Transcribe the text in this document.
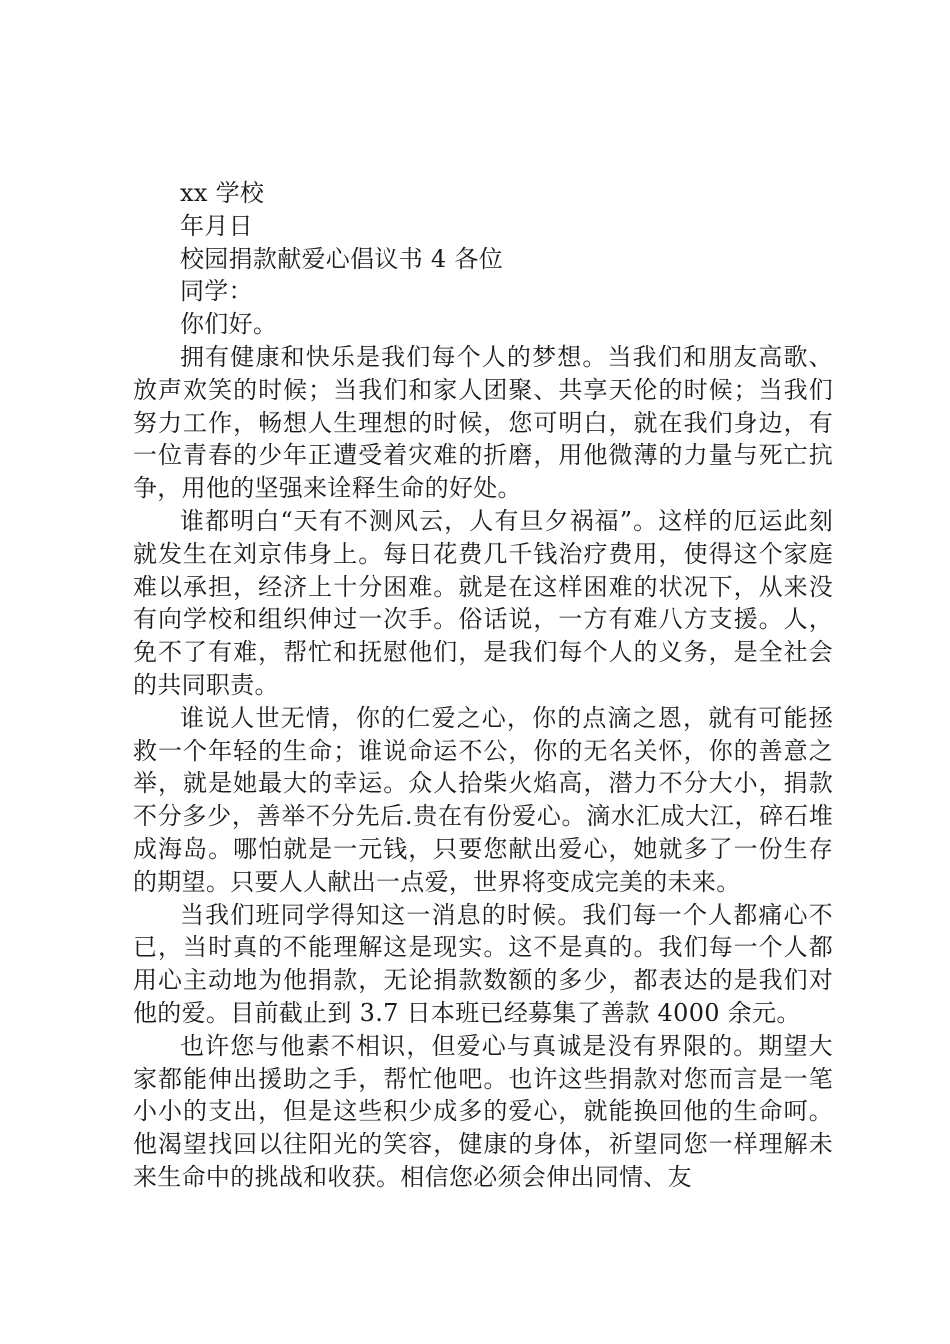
xx 学校
年月日
校园捐款献爱心倡议书 4 各位
同学：
你们好。

拥有健康和快乐是我们每个人的梦想。当我们和朋友高歌、放声欢笑的时候；当我们和家人团聚、共享天伦的时候；当我们努力工作，畅想人生理想的时候，您可明白，就在我们身边，有一位青春的少年正遭受着灾难的折磨，用他微薄的力量与死亡抗争，用他的坚强来诠释生命的好处。

谁都明白“天有不测风云，人有旦夕祸福”。这样的厄运此刻就发生在刘京伟身上。每日花费几千钱治疗费用，使得这个家庭难以承担，经济上十分困难。就是在这样困难的状况下，从来没有向学校和组织伸过一次手。俗话说，一方有难八方支援。人，免不了有难，帮忙和抚慰他们，是我们每个人的义务，是全社会的共同职责。

谁说人世无情，你的仁爱之心，你的点滴之恩，就有可能拯救一个年轻的生命；谁说命运不公，你的无名关怀，你的善意之举，就是她最大的幸运。众人拾柴火焰高，潜力不分大小，捐款不分多少，善举不分先后.贵在有份爱心。滴水汇成大江，碎石堆成海岛。哪怕就是一元钱，只要您献出爱心，她就多了一份生存的期望。只要人人献出一点爱，世界将变成完美的未来。

当我们班同学得知这一消息的时候。我们每一个人都痛心不已，当时真的不能理解这是现实。这不是真的。我们每一个人都用心主动地为他捐款，无论捐款数额的多少，都表达的是我们对他的爱。目前截止到 3.7 日本班已经募集了善款 4000 余元。

也许您与他素不相识，但爱心与真诚是没有界限的。期望大家都能伸出援助之手，帮忙他吧。也许这些捐款对您而言是一笔小小的支出，但是这些积少成多的爱心，就能换回他的生命呵。他渴望找回以往阳光的笑容，健康的身体，祈望同您一样理解未来生命中的挑战和收获。相信您必须会伸出同情、友
